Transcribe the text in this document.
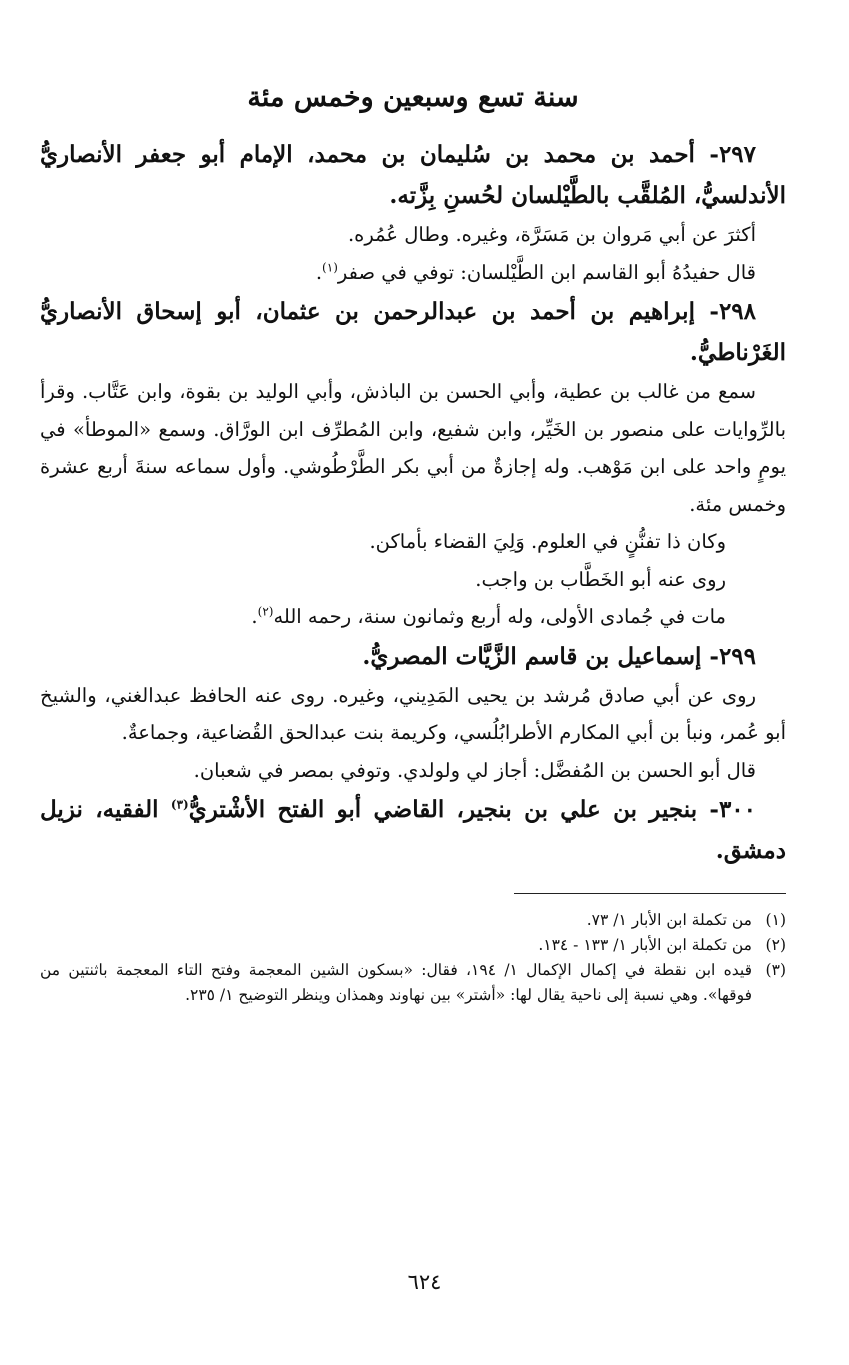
سنة تسع وسبعين وخمس مئة

٢٩٧- أحمد بن محمد بن سُليمان بن محمد، الإمام أبو جعفر الأنصاريُّ الأندلسيُّ، المُلقَّب بالطَّيْلسان لحُسنِ بِزَّته.

أكثرَ عن أبي مَروان بن مَسَرَّة، وغيره. وطال عُمُره.

قال حفيدُهُ أبو القاسم ابن الطَّيْلسان: توفي في صفر$^{(١)}$.

٢٩٨- إبراهيم بن أحمد بن عبدالرحمن بن عثمان، أبو إسحاق الأنصاريُّ الغَرْناطيُّ.

سمع من غالب بن عطية، وأبي الحسن بن الباذش، وأبي الوليد بن بقوة، وابن عَتَّاب. وقرأ بالرِّوايات على منصور بن الخَيِّر، وابن شفيع، وابن المُطرِّف ابن الورَّاق. وسمع «الموطأ» في يومٍ واحد على ابن مَوْهب. وله إجازةٌ من أبي بكر الطَّرْطُوشي. وأول سماعه سنةَ أربع عشرة وخمس مئة.

وكان ذا تفنُّنٍ في العلوم. وَلِيَ القضاء بأماكن.

روى عنه أبو الخَطَّاب بن واجب.

مات في جُمادى الأولى، وله أربع وثمانون سنة، رحمه الله$^{(٢)}$.

٢٩٩- إسماعيل بن قاسم الزَّيَّات المصريُّ.

روى عن أبي صادق مُرشد بن يحيى المَدِيني، وغيره. روى عنه الحافظ عبدالغني، والشيخ أبو عُمر، ونبأ بن أبي المكارم الأطرابُلُسي، وكريمة بنت عبدالحق القُضاعية، وجماعةٌ.

قال أبو الحسن بن المُفضَّل: أجاز لي ولولدي. وتوفي بمصر في شعبان.

٣٠٠- بنجير بن علي بن بنجير، القاضي أبو الفتح الأشْتريُّ$^{(٣)}$ الفقيه، نزيل دمشق.

(١)
من تكملة ابن الأبار ١/ ٧٣.
(٢)
من تكملة ابن الأبار ١/ ١٣٣ - ١٣٤.
(٣)
قيده ابن نقطة في إكمال الإكمال ١/ ١٩٤، فقال: «بسكون الشين المعجمة وفتح التاء المعجمة باثنتين من فوقها». وهي نسبة إلى ناحية يقال لها: «أشتر» بين نهاوند وهمذان وينظر التوضيح ١/ ٢٣٥.
٦٢٤
